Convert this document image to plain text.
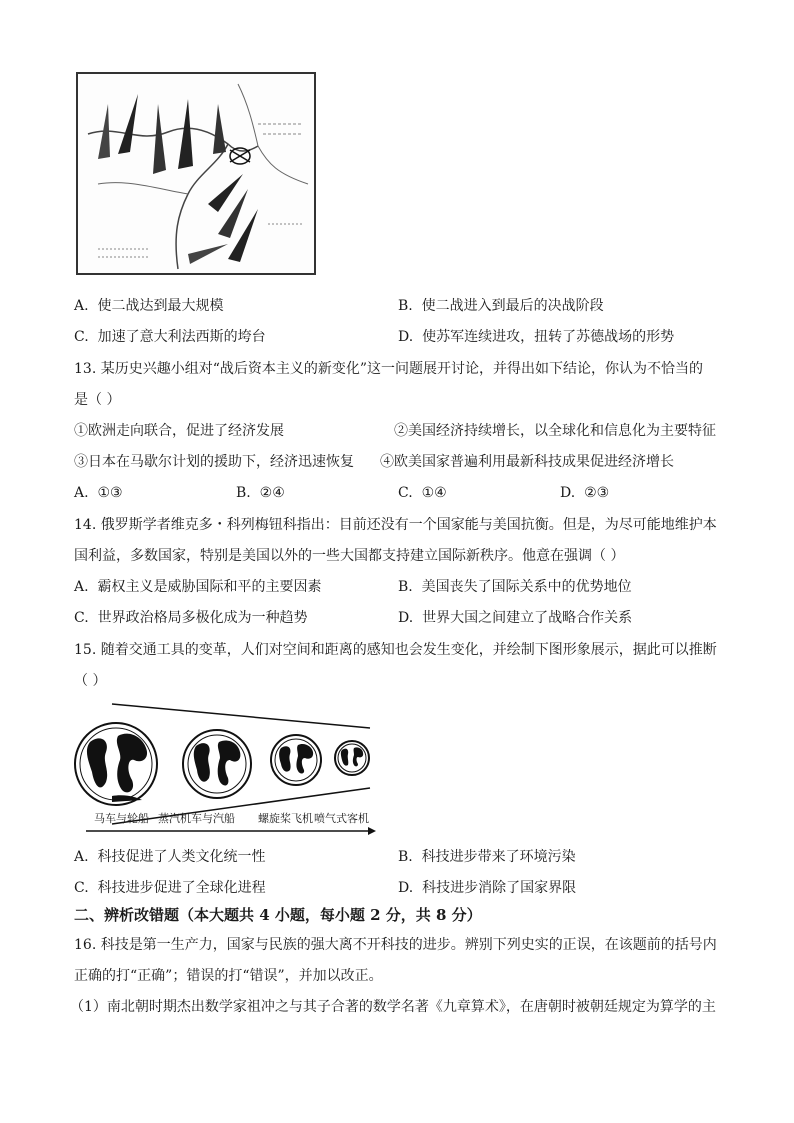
A. 使二战达到最大规模	B. 使二战进入到最后的决战阶段
C. 加速了意大利法西斯的垮台	D. 使苏军连续进攻，扭转了苏德战场的形势
13. 某历史兴趣小组对“战后资本主义的新变化”这一问题展开讨论，并得出如下结论，你认为不恰当的
是（ ）
①欧洲走向联合，促进了经济发展	②美国经济持续增长，以全球化和信息化为主要特征
③日本在马歇尔计划的援助下，经济迅速恢复 ④欧美国家普遍利用最新科技成果促进经济增长
A. ①③	B. ②④	C. ①④	D. ②③
14. 俄罗斯学者维克多・科列梅钮科指出：目前还没有一个国家能与美国抗衡。但是，为尽可能地维护本
国利益，多数国家，特别是美国以外的一些大国都支持建立国际新秩序。他意在强调（ ）
A. 霸权主义是威胁国际和平的主要因素	B. 美国丧失了国际关系中的优势地位
C. 世界政治格局多极化成为一种趋势	D. 世界大国之间建立了战略合作关系
15. 随着交通工具的变革，人们对空间和距离的感知也会发生变化，并绘制下图形象展示，据此可以推断
（ ）
马车与轮船 蒸汽机车与汽船 螺旋桨飞机 喷气式客机
A. 科技促进了人类文化统一性	B. 科技进步带来了环境污染
C. 科技进步促进了全球化进程	D. 科技进步消除了国家界限
二、辨析改错题（本大题共 4 小题，每小题 2 分，共 8 分）
16. 科技是第一生产力，国家与民族的强大离不开科技的进步。辨别下列史实的正误，在该题前的括号内
正确的打“正确”；错误的打“错误”，并加以改正。
（1）南北朝时期杰出数学家祖冲之与其子合著的数学名著《九章算术》，在唐朝时被朝廷规定为算学的主
